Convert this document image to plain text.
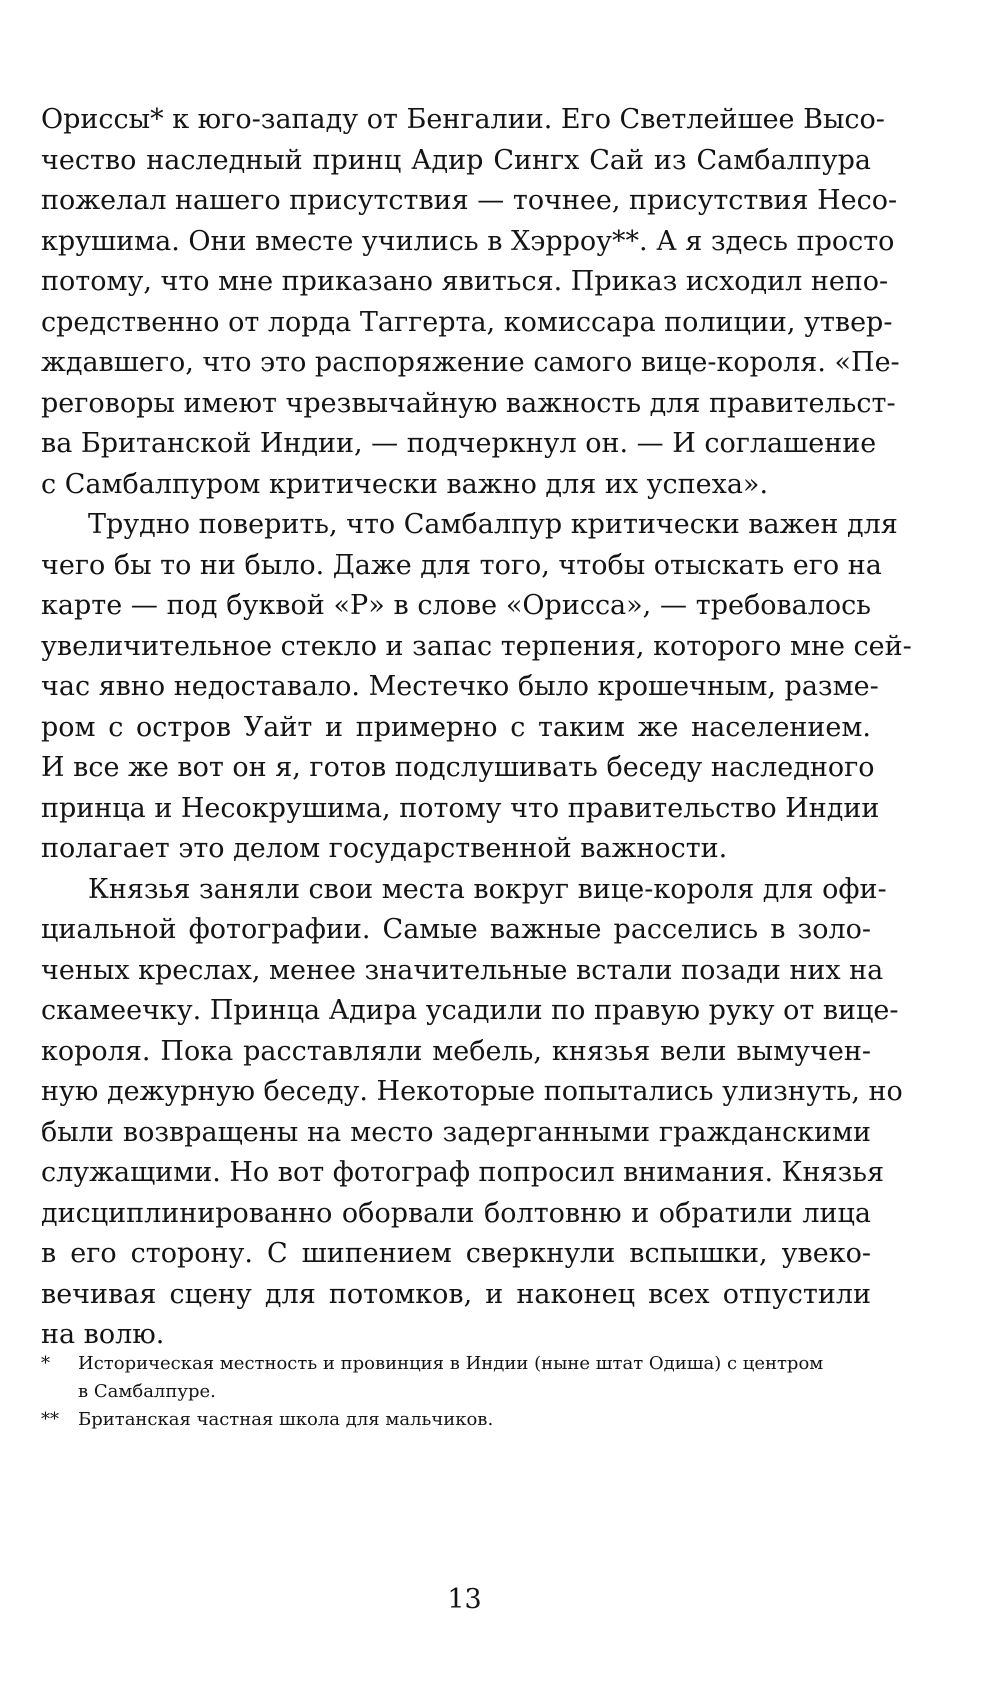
Ориссы* к юго-западу от Бенгалии. Его Светлейшее Высо-
чество наследный принц Адир Сингх Сай из Самбалпура
пожелал нашего присутствия — точнее, присутствия Несо-
крушима. Они вместе учились в Хэрроу**. А я здесь просто
потому, что мне приказано явиться. Приказ исходил непо-
средственно от лорда Таггерта, комиссара полиции, утвер-
ждавшего, что это распоряжение самого вице-короля. «Пе-
реговоры имеют чрезвычайную важность для правительст-
ва Британской Индии, — подчеркнул он. — И соглашение
с Самбалпуром критически важно для их успеха».
Трудно поверить, что Самбалпур критически важен для
чего бы то ни было. Даже для того, чтобы отыскать его на
карте — под буквой «Р» в слове «Орисса», — требовалось
увеличительное стекло и запас терпения, которого мне сей-
час явно недоставало. Местечко было крошечным, разме-
ром с остров Уайт и примерно с таким же населением.
И все же вот он я, готов подслушивать беседу наследного
принца и Несокрушима, потому что правительство Индии
полагает это делом государственной важности.
Князья заняли свои места вокруг вице-короля для офи-
циальной фотографии. Самые важные расселись в золо-
ченых креслах, менее значительные встали позади них на
скамеечку. Принца Адира усадили по правую руку от вице-
короля. Пока расставляли мебель, князья вели вымучен-
ную дежурную беседу. Некоторые попытались улизнуть, но
были возвращены на место задерганными гражданскими
служащими. Но вот фотограф попросил внимания. Князья
дисциплинированно оборвали болтовню и обратили лица
в его сторону. С шипением сверкнули вспышки, увеко-
вечивая сцену для потомков, и наконец всех отпустили
на волю.
*	Историческая местность и провинция в Индии (ныне штат Одиша) с центром
в Самбалпуре.
**	Британская частная школа для мальчиков.
13
